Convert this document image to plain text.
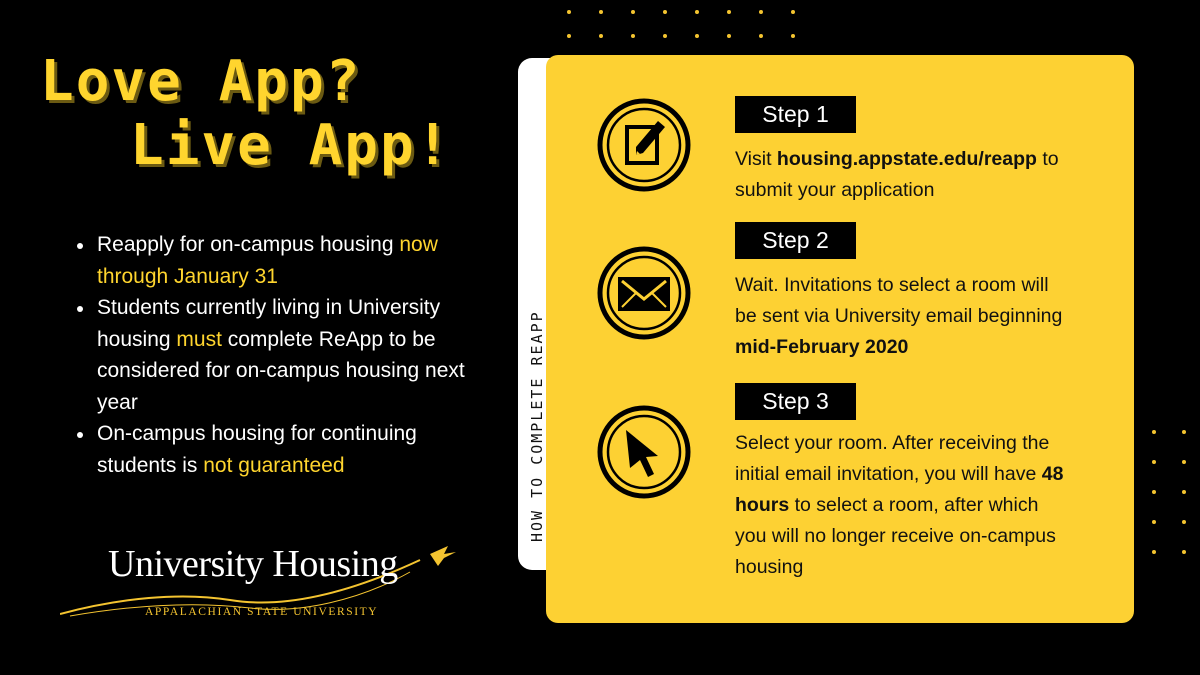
Love App?
Live App!
Reapply for on-campus housing now through January 31
Students currently living in University housing must complete ReApp to be considered for on-campus housing next year
On-campus housing for continuing students is not guaranteed
University Housing
APPALACHIAN STATE UNIVERSITY
HOW TO COMPLETE REAPP
Step 1

Visit housing.appstate.edu/reapp to submit your application

Step 2

Wait. Invitations to select a room will be sent via University email beginning mid-February 2020

Step 3

Select your room. After receiving the initial email invitation, you will have 48 hours to select a room, after which you will no longer receive on-campus housing
